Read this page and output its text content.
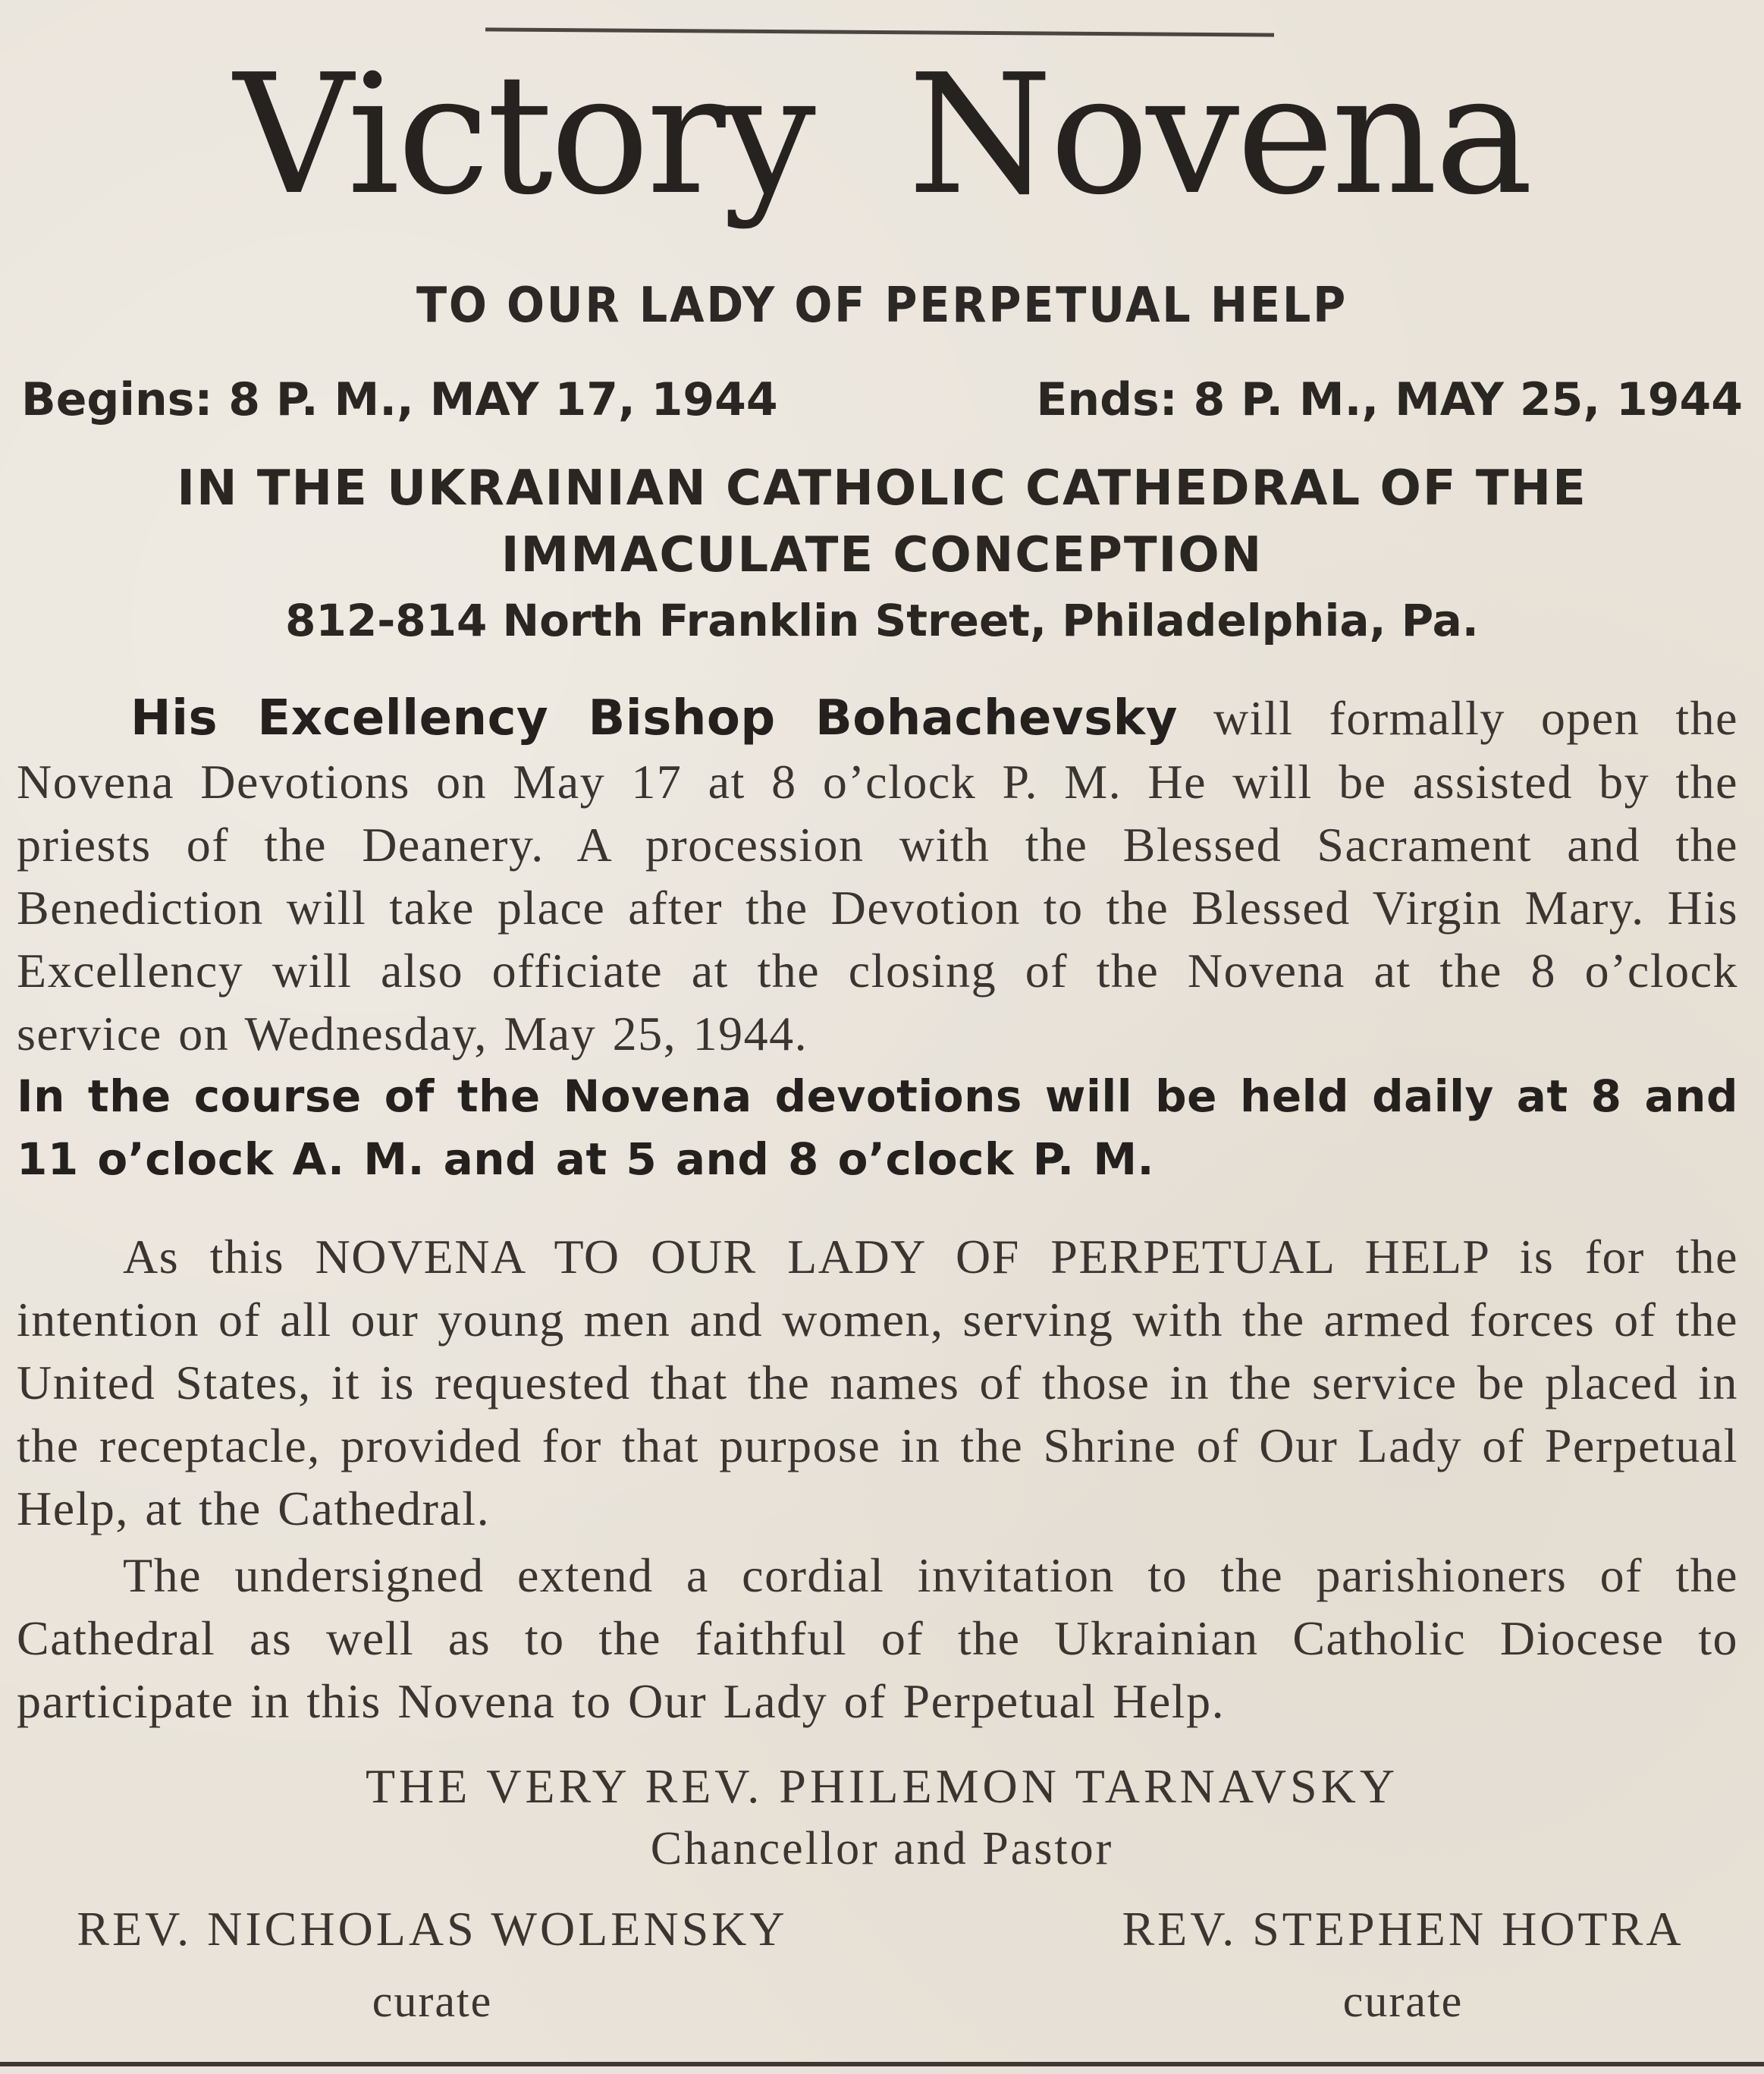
Victory Novena
TO OUR LADY OF PERPETUAL HELP
Begins: 8 P. M., MAY 17, 1944	Ends: 8 P. M., MAY 25, 1944
IN THE UKRAINIAN CATHOLIC CATHEDRAL OF THE
IMMACULATE CONCEPTION
812-814 North Franklin Street, Philadelphia, Pa.
His Excellency Bishop Bohachevsky will formally open the Novena Devotions on May 17 at 8 o’clock P. M. He will be assisted by the priests of the Deanery. A procession with the Blessed Sacrament and the Benediction will take place after the Devotion to the Blessed Virgin Mary. His Excellency will also officiate at the closing of the Novena at the 8 o’clock service on Wednesday, May 25, 1944.
In the course of the Novena devotions will be held daily at 8 and 11 o’clock A. M. and at 5 and 8 o’clock P. M.
As this NOVENA TO OUR LADY OF PERPETUAL HELP is for the intention of all our young men and women, serving with the armed forces of the United States, it is requested that the names of those in the service be placed in the receptacle, provided for that purpose in the Shrine of Our Lady of Perpetual Help, at the Cathedral.
The undersigned extend a cordial invitation to the parishioners of the Cathedral as well as to the faithful of the Ukrainian Catholic Diocese to participate in this Novena to Our Lady of Perpetual Help.
THE VERY REV. PHILEMON TARNAVSKY
Chancellor and Pastor
REV. NICHOLAS WOLENSKY
curate
REV. STEPHEN HOTRA
curate
